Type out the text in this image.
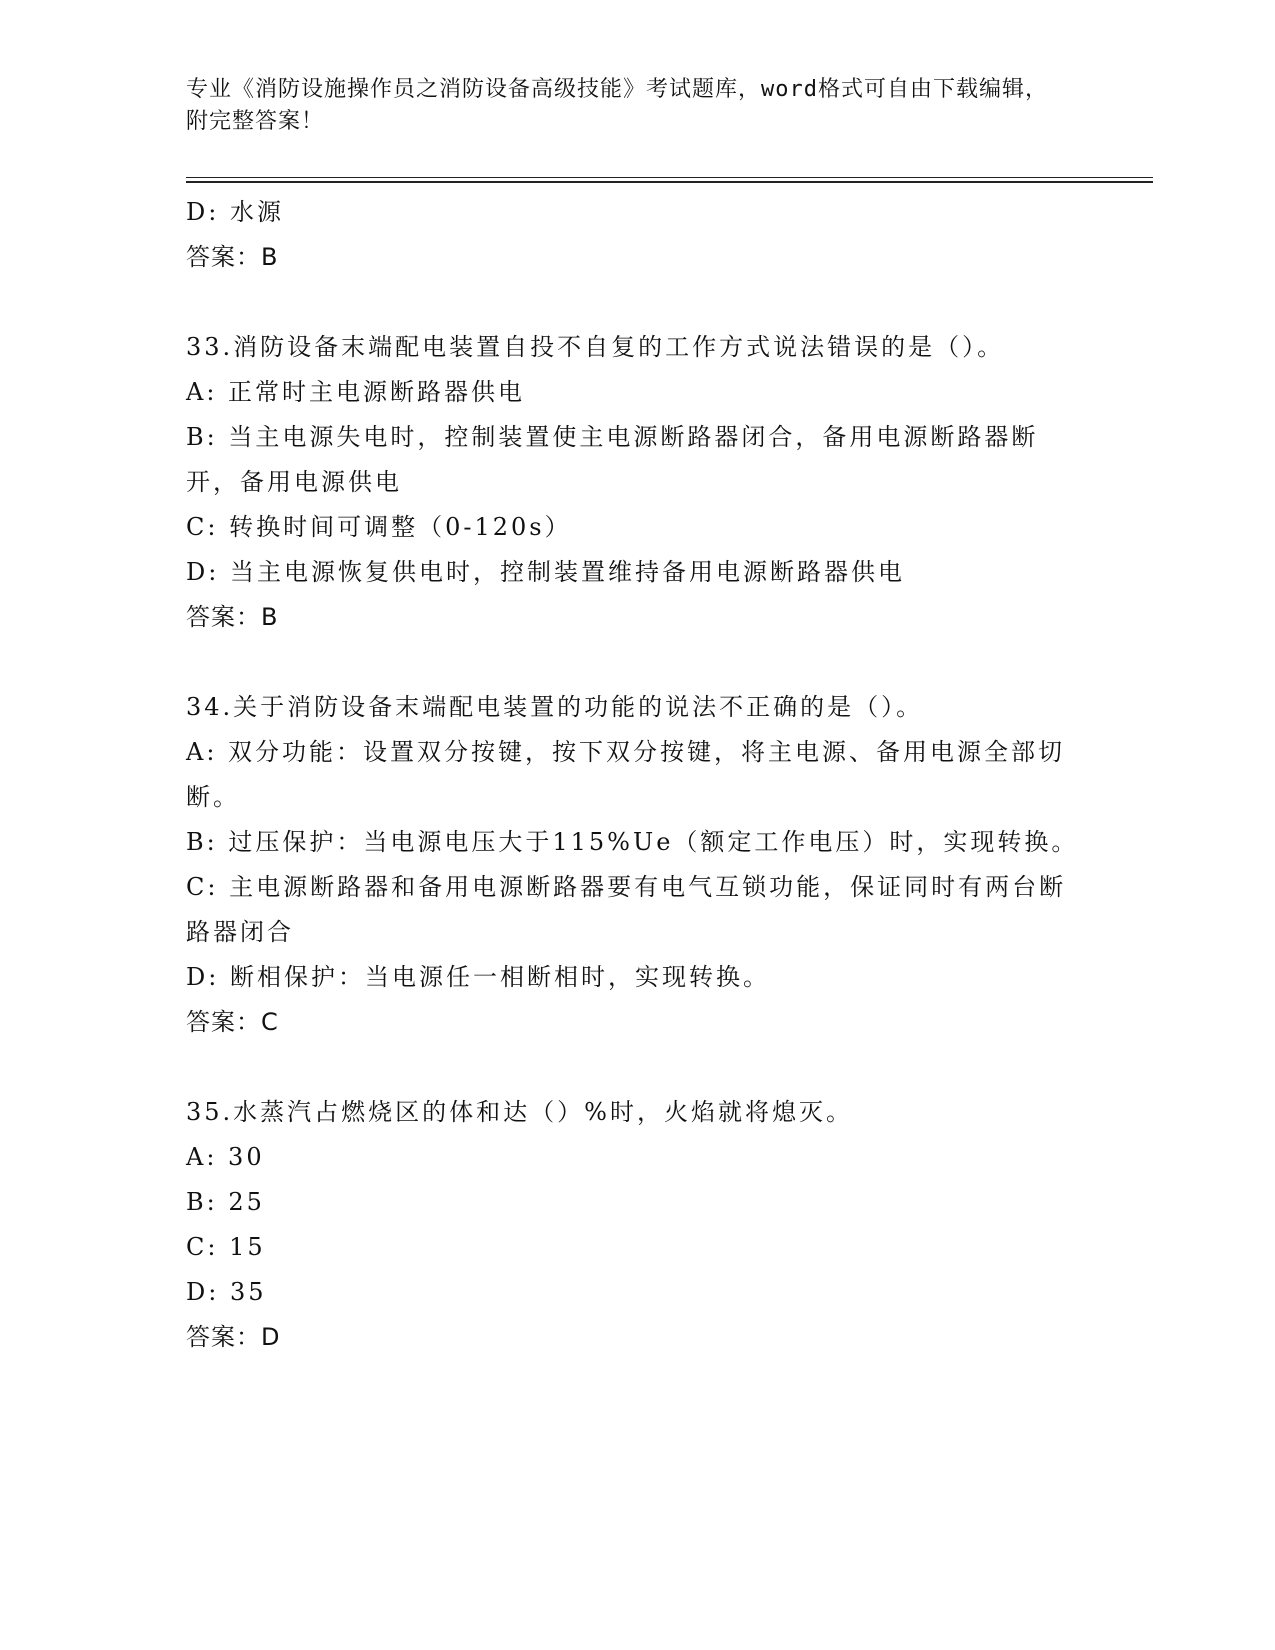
专业《消防设施操作员之消防设备高级技能》考试题库，word格式可自由下载编辑，附完整答案！

D: 水源

答案：B

33.消防设备末端配电装置自投不自复的工作方式说法错误的是（）。

A: 正常时主电源断路器供电

B: 当主电源失电时，控制装置使主电源断路器闭合，备用电源断路器断开，备用电源供电

C: 转换时间可调整（0-120s）

D: 当主电源恢复供电时，控制装置维持备用电源断路器供电

答案：B

34.关于消防设备末端配电装置的功能的说法不正确的是（）。

A: 双分功能：设置双分按键，按下双分按键，将主电源、备用电源全部切断。

B: 过压保护：当电源电压大于115%Ue（额定工作电压）时，实现转换。

C: 主电源断路器和备用电源断路器要有电气互锁功能，保证同时有两台断路器闭合

D: 断相保护：当电源任一相断相时，实现转换。

答案：C

35.水蒸汽占燃烧区的体和达（）%时，火焰就将熄灭。

A: 30

B: 25

C: 15

D: 35

答案：D
